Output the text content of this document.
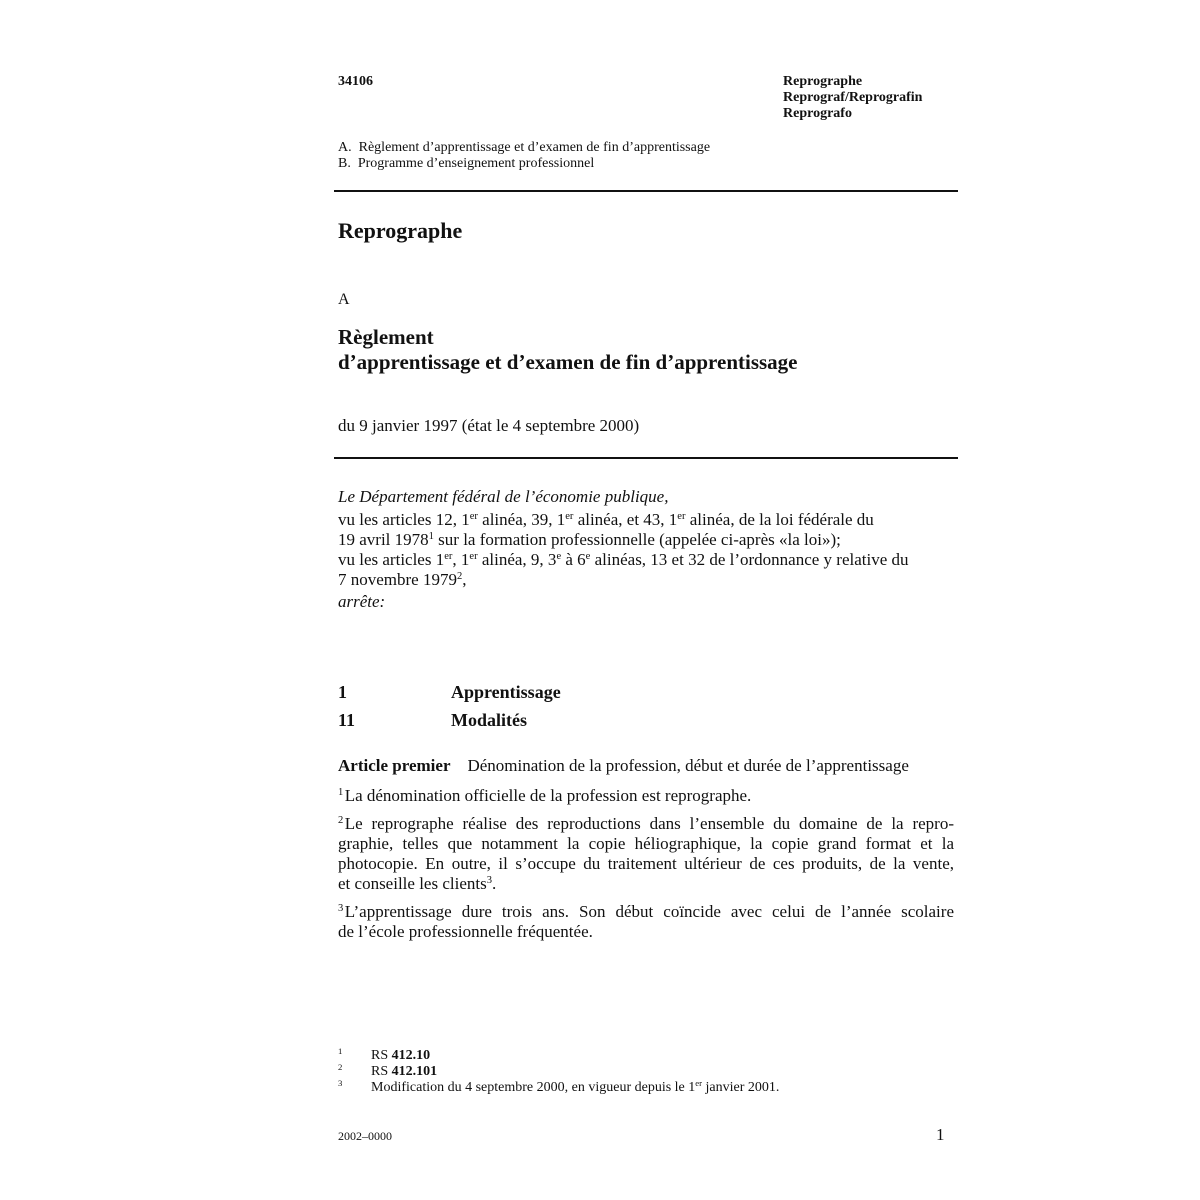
34106	Reprographe
Reprograf/Reprografin
Reprografo
A. Règlement d’apprentissage et d’examen de fin d’apprentissage
B. Programme d’enseignement professionnel
Reprographe
A
Règlement
d’apprentissage et d’examen de fin d’apprentissage
du 9 janvier 1997 (état le 4 septembre 2000)
Le Département fédéral de l’économie publique,
vu les articles 12, 1er alinéa, 39, 1er alinéa, et 43, 1er alinéa, de la loi fédérale du
19 avril 1978$^1$ sur la formation professionnelle (appelée ci-après «la loi»);
vu les articles 1er, 1er alinéa, 9, 3e à 6e alinéas, 13 et 32 de l’ordonnance y relative du
7 novembre 1979$^2$,
arrête:
1	Apprentissage
11	Modalités
Article premier Dénomination de la profession, début et durée de l’apprentissage
$^1$ La dénomination officielle de la profession est reprographe.
$^2$ Le reprographe réalise des reproductions dans l’ensemble du domaine de la repro-
graphie, telles que notamment la copie héliographique, la copie grand format et la
photocopie. En outre, il s’occupe du traitement ultérieur de ces produits, de la vente,
et conseille les clients$^3$.
$^3$ L’apprentissage dure trois ans. Son début coïncide avec celui de l’année scolaire
de l’école professionnelle fréquentée.
$^1$ RS 412.10
$^2$ RS 412.101
$^3$ Modification du 4 septembre 2000, en vigueur depuis le 1er janvier 2001.
2002–0000	1
